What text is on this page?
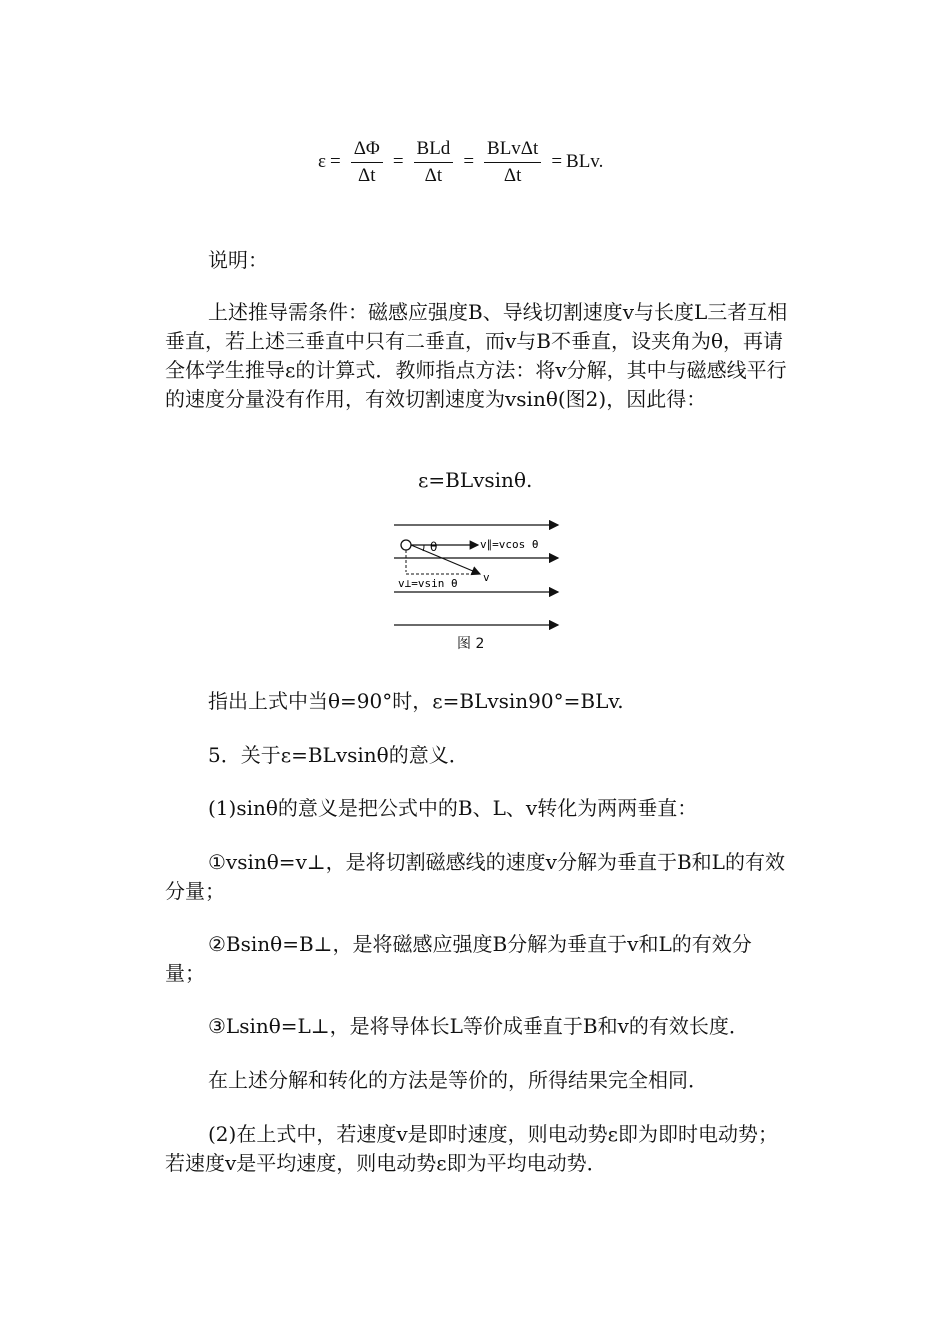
$\varepsilon = \frac{\Delta\Phi}{\Delta t} = \frac{\text{BLd}}{\Delta t} = \frac{\text{BLvΔt}}{\Delta t}$ = BLv.
说明：
上述推导需条件：磁感应强度B、导线切割速度v与长度L三者互相垂直，若上述三垂直中只有二垂直，而v与B不垂直，设夹角为θ，再请全体学生推导ε的计算式．教师指点方法：将v分解，其中与磁感线平行的速度分量没有作用，有效切割速度为vsinθ(图2)，因此得：
ε=BLvsinθ.
θ	v∥=vcos θ
v⊥=vsin θ v
图 2
指出上式中当θ=90°时，ε=BLvsin90°=BLv.
5．关于ε=BLvsinθ的意义．
(1)sinθ的意义是把公式中的B、L、v转化为两两垂直：
①vsinθ=v⊥，是将切割磁感线的速度v分解为垂直于B和L的有效分量；
②Bsinθ=B⊥，是将磁感应强度B分解为垂直于v和L的有效分量；
③Lsinθ=L⊥，是将导体长L等价成垂直于B和v的有效长度．
在上述分解和转化的方法是等价的，所得结果完全相同．
(2)在上式中，若速度v是即时速度，则电动势ε即为即时电动势；若速度v是平均速度，则电动势ε即为平均电动势．
